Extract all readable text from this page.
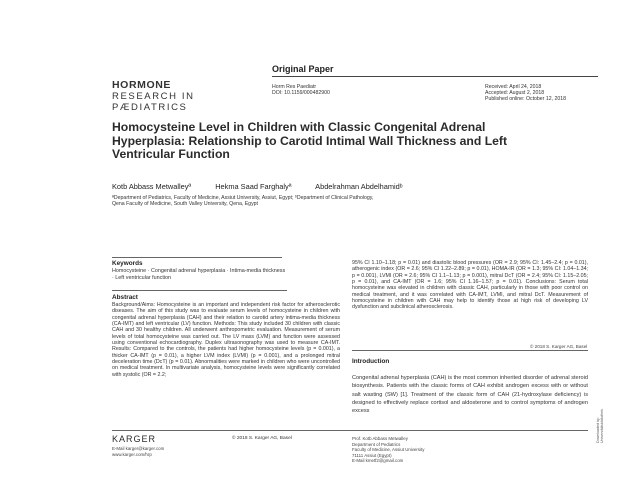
HORMONE
RESEARCH IN
PÆDIATRICS
Original Paper
Horm Res Paediatr
DOI: 10.1159/000482900
Received: April 24, 2018
Accepted: August 2, 2018
Published online: October 12, 2018
Homocysteine Level in Children with Classic Congenital Adrenal Hyperplasia: Relationship to Carotid Intimal Wall Thickness and Left Ventricular Function
Kotb Abbass Metwalleyª	Hekma Saad Farghalyª	Abdelrahman Abdelhamidᵇ
ªDepartment of Pediatrics, Faculty of Medicine, Assiut University, Assiut, Egypt; ᵇDepartment of Clinical Pathology,
Qena Faculty of Medicine, South Valley University, Qena, Egypt
Keywords
Homocysteine · Congenital adrenal hyperplasia · Intima-media thickness · Left ventricular function
Abstract
Background/Aims: Homocysteine is an important and independent risk factor for atherosclerotic diseases. The aim of this study was to evaluate serum levels of homocysteine in children with congenital adrenal hyperplasia (CAH) and their relation to carotid artery intima-media thickness (CA-IMT) and left ventricular (LV) function. Methods: This study included 30 children with classic CAH and 30 healthy children. All underwent anthropometric evaluation. Measurement of serum levels of total homocysteine was carried out. The LV mass (LVM) and function were assessed using conventional echocardiography. Duplex ultrasonography was used to measure CA-IMT. Results: Compared to the controls, the patients had higher homocysteine levels (p = 0.001), a thicker CA-IMT (p = 0.01), a higher LVM index (LVMI) (p = 0.001), and a prolonged mitral deceleration time (DcT) (p = 0.01). Abnormalities were marked in children who were uncontrolled on medical treatment. In multivariate analysis, homocysteine levels were significantly correlated with systolic (OR = 2.2;
95% CI 1.10–1.18; p = 0.01) and diastolic blood pressures (OR = 2.9; 95% CI: 1.45–2.4; p = 0.01), atherogenic index (OR = 2.6; 95% CI 1.22–2.89; p = 0.01), HOMA-IR (OR = 1.3; 95% CI: 1.04–1.34; p = 0.001), LVMI (OR = 2.6; 95% CI 1.1–1.13; p = 0.001), mitral DcT (OR = 2.4; 95% CI: 1.15–2.05; p = 0.01), and CA-IMT (OR = 1.6; 95% CI 1.16–1.57; p = 0.01). Conclusions: Serum total homocysteine was elevated in children with classic CAH, particularly in those with poor control on medical treatment, and it was correlated with CA-IMT, LVMI, and mitral DcT. Measurement of homocysteine in children with CAH may help to identify those at high risk of developing LV dysfunction and subclinical atherosclerosis.
© 2018 S. Karger AG, Basel
Introduction
Congenital adrenal hyperplasia (CAH) is the most common inherited disorder of adrenal steroid biosynthesis. Patients with the classic forms of CAH exhibit androgen excess with or without salt wasting (SW) [1]. Treatment of the classic form of CAH (21-hydroxylase deficiency) is designed to effectively replace cortisol and aldosterone and to control symptoms of androgen excess
KARGER	© 2018 S. Karger AG, Basel
E-Mail karger@karger.com
www.karger.com/hrp
Prof. Kotb Abbass Metwalley
Department of Pediatrics
Faculty of Medicine, Assiut University
71111 Assiut (Egypt)
E-Mail kmetf2@gmail.com
Downloaded by: Universitätsbibliothek
